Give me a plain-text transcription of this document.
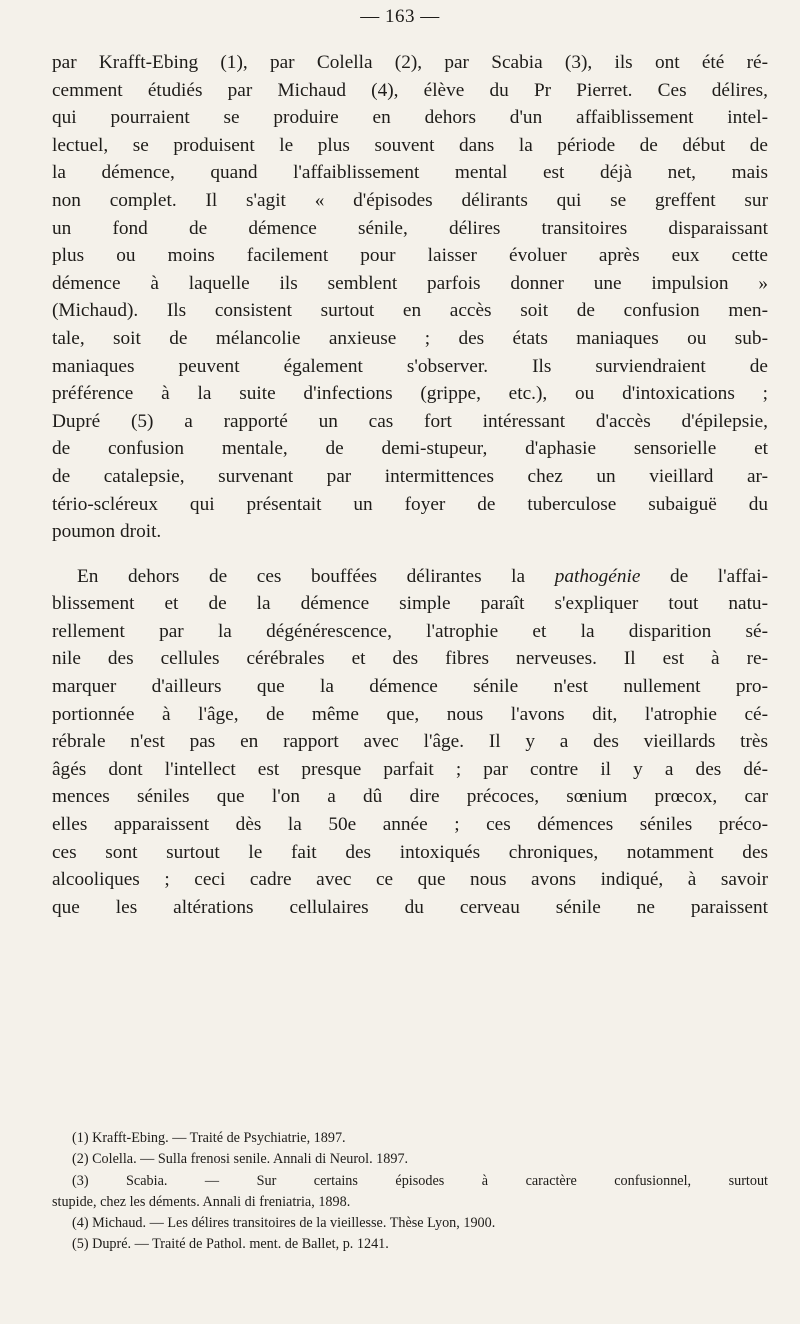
— 163 —
par Krafft-Ebing (1), par Colella (2), par Scabia (3), ils ont été ré-
cemment étudiés par Michaud (4), élève du Pr Pierret. Ces délires,
qui pourraient se produire en dehors d'un affaiblissement intel-
lectuel, se produisent le plus souvent dans la période de début de
la démence, quand l'affaiblissement mental est déjà net, mais
non complet. Il s'agit « d'épisodes délirants qui se greffent sur
un fond de démence sénile, délires transitoires disparaissant
plus ou moins facilement pour laisser évoluer après eux cette
démence à laquelle ils semblent parfois donner une impulsion »
(Michaud). Ils consistent surtout en accès soit de confusion men-
tale, soit de mélancolie anxieuse ; des états maniaques ou sub-
maniaques peuvent également s'observer. Ils surviendraient de
préférence à la suite d'infections (grippe, etc.), ou d'intoxications ;
Dupré (5) a rapporté un cas fort intéressant d'accès d'épilepsie,
de confusion mentale, de demi-stupeur, d'aphasie sensorielle et
de catalepsie, survenant par intermittences chez un vieillard ar-
tério-scléreux qui présentait un foyer de tuberculose subaiguë du
poumon droit.
En dehors de ces bouffées délirantes la pathogénie de l'affai-
blissement et de la démence simple paraît s'expliquer tout natu-
rellement par la dégénérescence, l'atrophie et la disparition sé-
nile des cellules cérébrales et des fibres nerveuses. Il est à re-
marquer d'ailleurs que la démence sénile n'est nullement pro-
portionnée à l'âge, de même que, nous l'avons dit, l'atrophie cé-
rébrale n'est pas en rapport avec l'âge. Il y a des vieillards très
âgés dont l'intellect est presque parfait ; par contre il y a des dé-
mences séniles que l'on a dû dire précoces, sœnium prœcox, car
elles apparaissent dès la 50e année ; ces démences séniles préco-
ces sont surtout le fait des intoxiqués chroniques, notamment des
alcooliques ; ceci cadre avec ce que nous avons indiqué, à savoir
que les altérations cellulaires du cerveau sénile ne paraissent
(1) Krafft-Ebing. — Traité de Psychiatrie, 1897.
(2) Colella. — Sulla frenosi senile. Annali di Neurol. 1897.
(3) Scabia. — Sur certains épisodes à caractère confusionnel, surtout
stupide, chez les déments. Annali di freniatria, 1898.
(4) Michaud. — Les délires transitoires de la vieillesse. Thèse Lyon, 1900.
(5) Dupré. — Traité de Pathol. ment. de Ballet, p. 1241.
